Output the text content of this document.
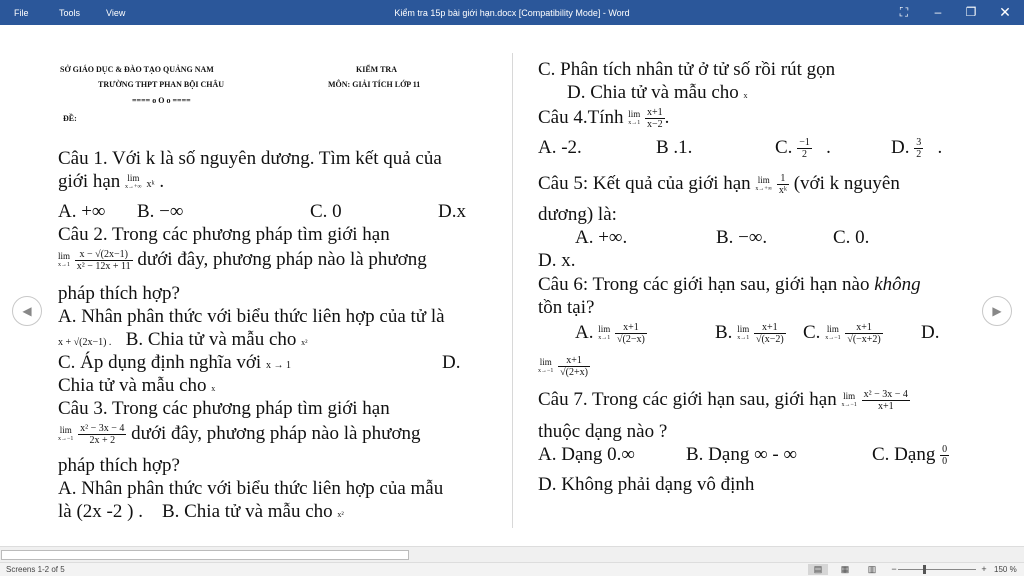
File	Tools	View	Kiểm tra 15p bài giới hạn.docx [Compatibility Mode] - Word	⛶	–	❐	✕
SỞ GIÁO DỤC & ĐÀO TẠO QUẢNG NAM
TRƯỜNG THPT PHAN BỘI CHÂU
==== o O o ====
ĐỀ:
KIỂM TRA
MÔN: GIẢI TÍCH LỚP 11
Câu 1. Với k là số nguyên dương. Tìm kết quả của
giới hạn lim
x→+∞ xᵏ .
A. +∞ B. −∞	C. 0	D.x
Câu 2. Trong các phương pháp tìm giới hạn
lim
x→1
$\frac{x - √(2x-1)}{\text{x² − 12x + 11}}$ dưới đây, phương pháp nào là phương
pháp thích hợp?
A. Nhân phân thức với biểu thức liên hợp của tử là
x + √(2x−1) . B. Chia tử và mẫu cho x²
C. Áp dụng định nghĩa với x → 1	D.
Chia tử và mẫu cho x
Câu 3. Trong các phương pháp tìm giới hạn
lim
x→−1
$\frac{\text{x² − 3x − 4}}{2x + 2}$ dưới đây, phương pháp nào là phương
pháp thích hợp?
A. Nhân phân thức với biểu thức liên hợp của mẫu
là (2x -2 ) . B. Chia tử và mẫu cho x²
C. Phân tích nhân tử ở tử số rồi rút gọn
D. Chia tử và mẫu cho x
Câu 4.Tính lim
x→1
$\frac{x+1}{x-2}$ .
A. -2.	B .1.	C. $\frac{-1}{2}$ .	D. $\frac{3}{2}$ .
Câu 5: Kết quả của giới hạn lim
x→+∞
$\frac{1}{\text{xᵏ}}$ (với k nguyên
dương) là:
A. +∞.	B. −∞.	C. 0.
D. x.
Câu 6: Trong các giới hạn sau, giới hạn nào không
tồn tại?
A. lim
x→1
$\frac{x+1}{√(2-x)}$	B. lim
x→1
$\frac{x+1}{√(x-2)} C$. lim
x→−1
$\frac{x+1}{√(-x+2)} D$.
lim
x→−1
$\frac{x+1}{√(2+x)}$
Câu 7. Trong các giới hạn sau, giới hạn lim
x→−1
$\frac{\text{x² − 3x − 4}}{x+1}$
thuộc dạng nào ?
A. Dạng 0.∞	B. Dạng ∞ - ∞	C. Dạng $\frac{0}{0}$
D. Không phải dạng vô định
◀	▶
Screens 1-2 of 5	▤	▦	▥	−	+ 150 %
